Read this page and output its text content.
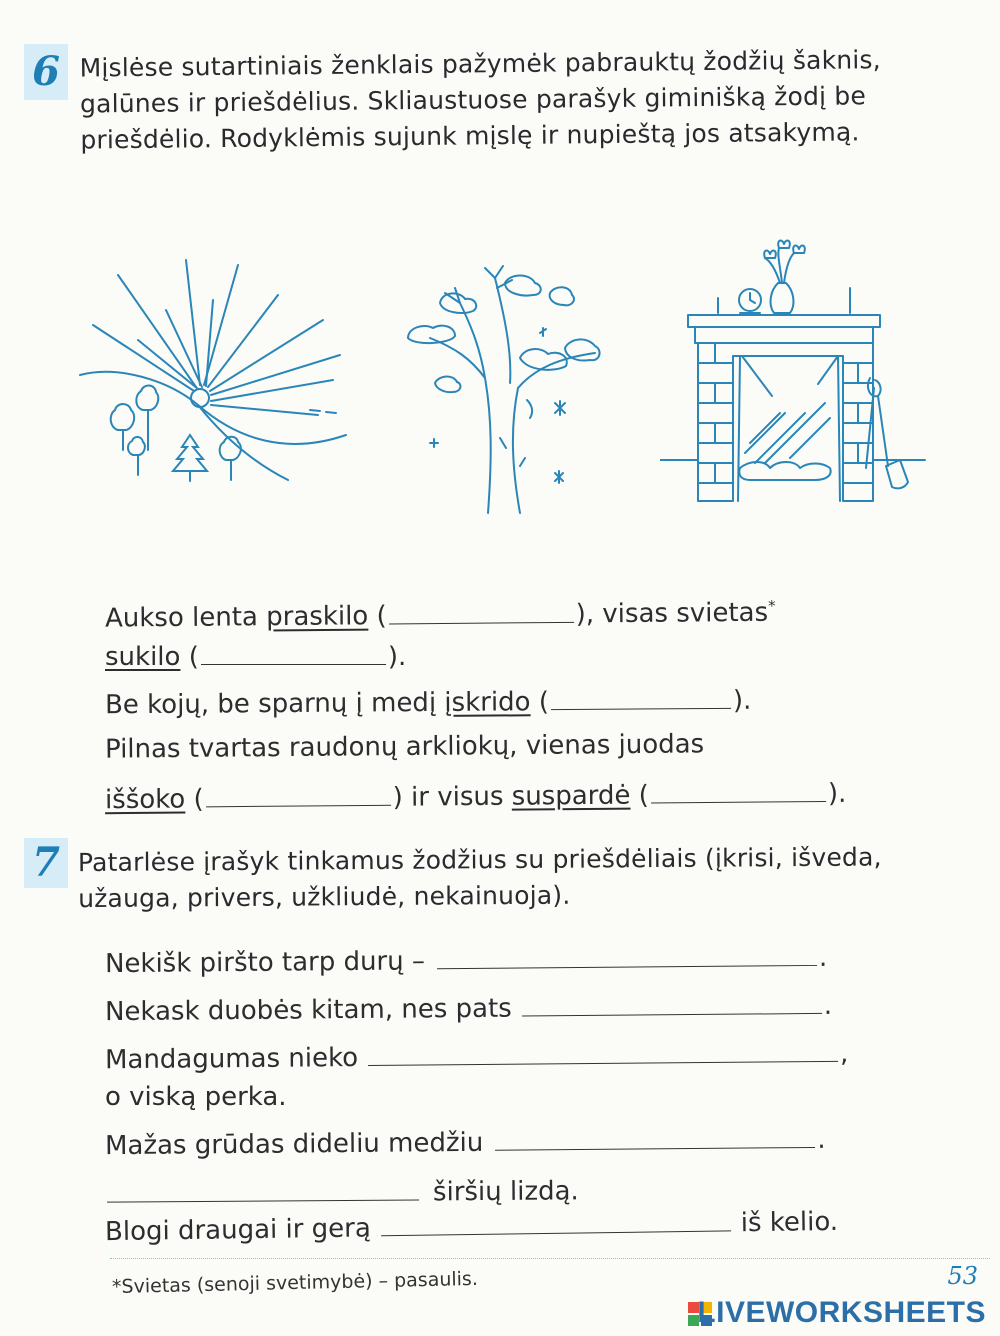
6 Mįslėse sutartiniais ženklais pažymėk pabrauktų žodžių šaknis, galūnes ir priešdėlius. Skliaustuose parašyk giminišką žodį be priešdėlio. Rodyklėmis sujunk mįslę ir nupieštą jos atsakymą.
Aukso lenta praskilo (	), visas svietas*
sukilo (	).
Be kojų, be sparnų į medį įskrido (	).
Pilnas tvartas raudonų arkliokų, vienas juodas
iššoko (	) ir visus suspardė (	).
7 Patarlėse įrašyk tinkamus žodžius su priešdėliais (įkrisi, išveda, užauga, privers, užkliudė, nekainuoja).
Nekišk piršto tarp durų –	.
Nekask duobės kitam, nes pats	.
Mandagumas nieko	,
o viską perka.
Mažas grūdas dideliu medžiu	.
širšių lizdą.
Blogi draugai ir gerą	iš kelio.
*Svietas (senoji svetimybė) – pasaulis.	53
LIVEWORKSHEETS
